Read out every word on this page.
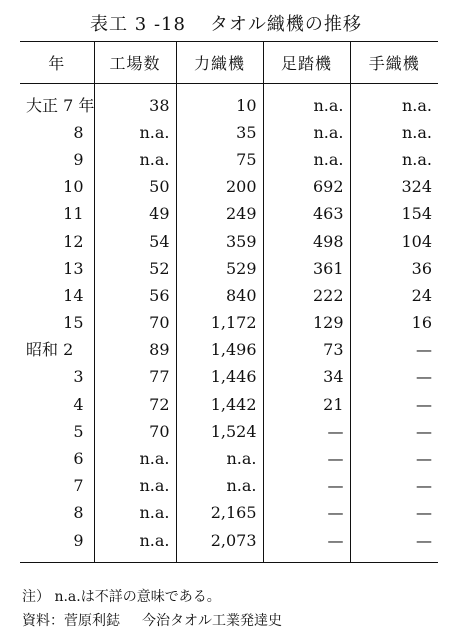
表工 3 -18 タオル織機の推移
年	工場数	力織機	足踏機	手織機
大正 7 年	38	10	n.a.	n.a.
8	n.a.	35	n.a.	n.a.
9	n.a.	75	n.a.	n.a.
10	50	200	692	324
11	49	249	463	154
12	54	359	498	104
13	52	529	361	36
14	56	840	222	24
15	70	1,172	129	16
昭和 2	89	1,496	73	—
3	77	1,446	34	—
4	72	1,442	21	—
5	70	1,524	—	—
6	n.a.	n.a.	—	—
7	n.a.	n.a.	—	—
8	n.a.	2,165	—	—
9	n.a.	2,073	—	—
注） n.a.は不詳の意味である。
資料：菅原利鋕 今治タオル工業発達史
